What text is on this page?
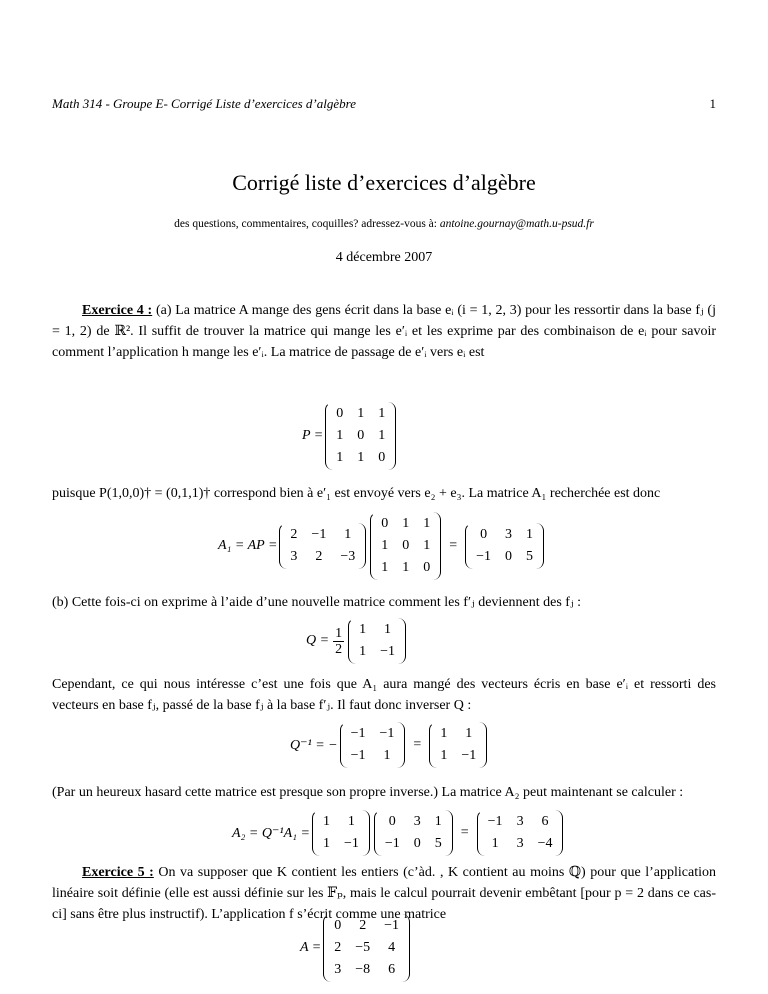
Math 314 - Groupe E- Corrigé Liste d’exercices d’algèbre	1
Corrigé liste d’exercices d’algèbre
des questions, commentaires, coquilles? adressez-vous à: antoine.gournay@math.u-psud.fr
4 décembre 2007
Exercice 4 : (a) La matrice A mange des gens écrit dans la base eᵢ (i = 1, 2, 3) pour les ressortir dans la base fⱼ (j = 1, 2) de ℝ². Il suffit de trouver la matrice qui mange les e′ᵢ et les exprime par des combinaison de eᵢ pour savoir comment l’application h mange les e′ᵢ. La matrice de passage de e′ᵢ vers eᵢ est
P =
0 1 1
1 0 1
1 1 0
puisque P(1,0,0)† = (0,1,1)† correspond bien à e′₁ est envoyé vers e₂ + e₃. La matrice A₁ recherchée est donc
A₁ = AP =
2 −1 1
3 2 −3
0 1 1
1 0 1
1 1 0
=
0 3 1
−1 0 5
(b) Cette fois-ci on exprime à l’aide d’une nouvelle matrice comment les f′ⱼ deviennent des fⱼ :
$Q = \frac{1}{2} 1$ 1
1 −1
Cependant, ce qui nous intéresse c’est une fois que A₁ aura mangé des vecteurs écris en base e′ᵢ et ressorti des vecteurs en base fⱼ, passé de la base fⱼ à la base f′ⱼ. Il faut donc inverser Q :
Q⁻¹ = −
−1 −1
−1 1
=
1 1
1 −1
(Par un heureux hasard cette matrice est presque son propre inverse.) La matrice A₂ peut maintenant se calculer :
A₂ = Q⁻¹A₁ =
1 1
1 −1
0 3 1
−1 0 5
=
−1 3 6
1 3 −4
Exercice 5 : On va supposer que K contient les entiers (c’àd. , K contient au moins ℚ) pour que l’application linéaire soit définie (elle est aussi définie sur les 𝔽ₚ, mais le calcul pourrait devenir embêtant [pour p = 2 dans ce cas-ci] sans être plus instructif). L’application f s’écrit comme une matrice
A =
0 2 −1
2 −5 4
3 −8 6
